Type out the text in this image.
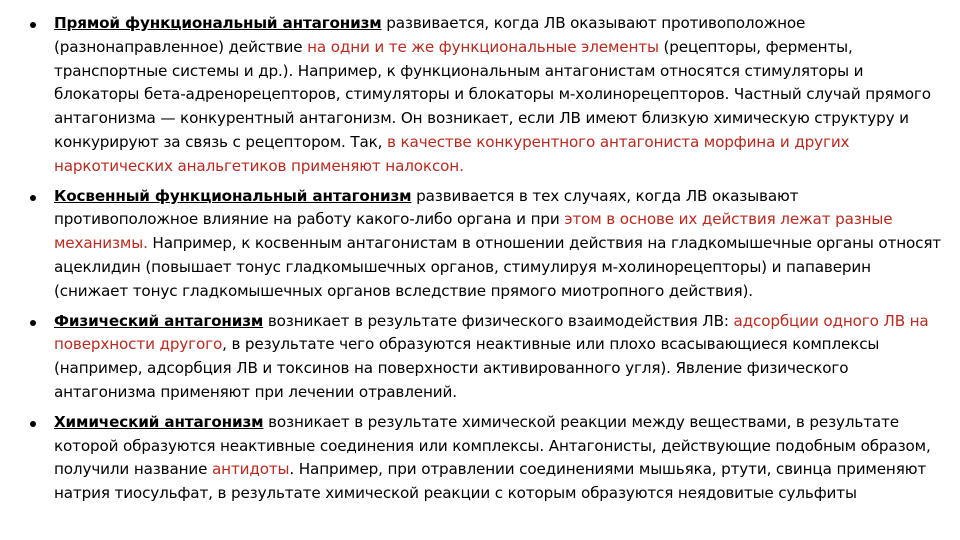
Прямой функциональный антагонизм развивается, когда ЛВ оказывают противоположное (разнонаправленное) действие на одни и те же функциональные элементы (рецепторы, ферменты, транспортные системы и др.). Например, к функциональным антагонистам относятся стимуляторы и блокаторы бета-адренорецепторов, стимуляторы и блокаторы м-холинорецепторов. Частный случай прямого антагонизма — конкурентный антагонизм. Он возникает, если ЛВ имеют близкую химическую структуру и конкурируют за связь с рецептором. Так, в качестве конкурентного антагониста морфина и других наркотических анальгетиков применяют налоксон.
Косвенный функциональный антагонизм развивается в тех случаях, когда ЛВ оказывают противоположное влияние на работу какого-либо органа и при этом в основе их действия лежат разные механизмы. Например, к косвенным антагонистам в отношении действия на гладкомышечные органы относят ацеклидин (повышает тонус гладкомышечных органов, стимулируя м-холинорецепторы) и папаверин (снижает тонус гладкомышечных органов вследствие прямого миотропного действия).
Физический антагонизм возникает в результате физического взаимодействия ЛВ: адсорбции одного ЛВ на поверхности другого, в результате чего образуются неактивные или плохо всасывающиеся комплексы (например, адсорбция ЛВ и токсинов на поверхности активированного угля). Явление физического антагонизма применяют при лечении отравлений.
Химический антагонизм возникает в результате химической реакции между веществами, в результате которой образуются неактивные соединения или комплексы. Антагонисты, действующие подобным образом, получили название антидоты. Например, при отравлении соединениями мышьяка, ртути, свинца применяют натрия тиосульфат, в результате химической реакции с которым образуются неядовитые сульфиты
